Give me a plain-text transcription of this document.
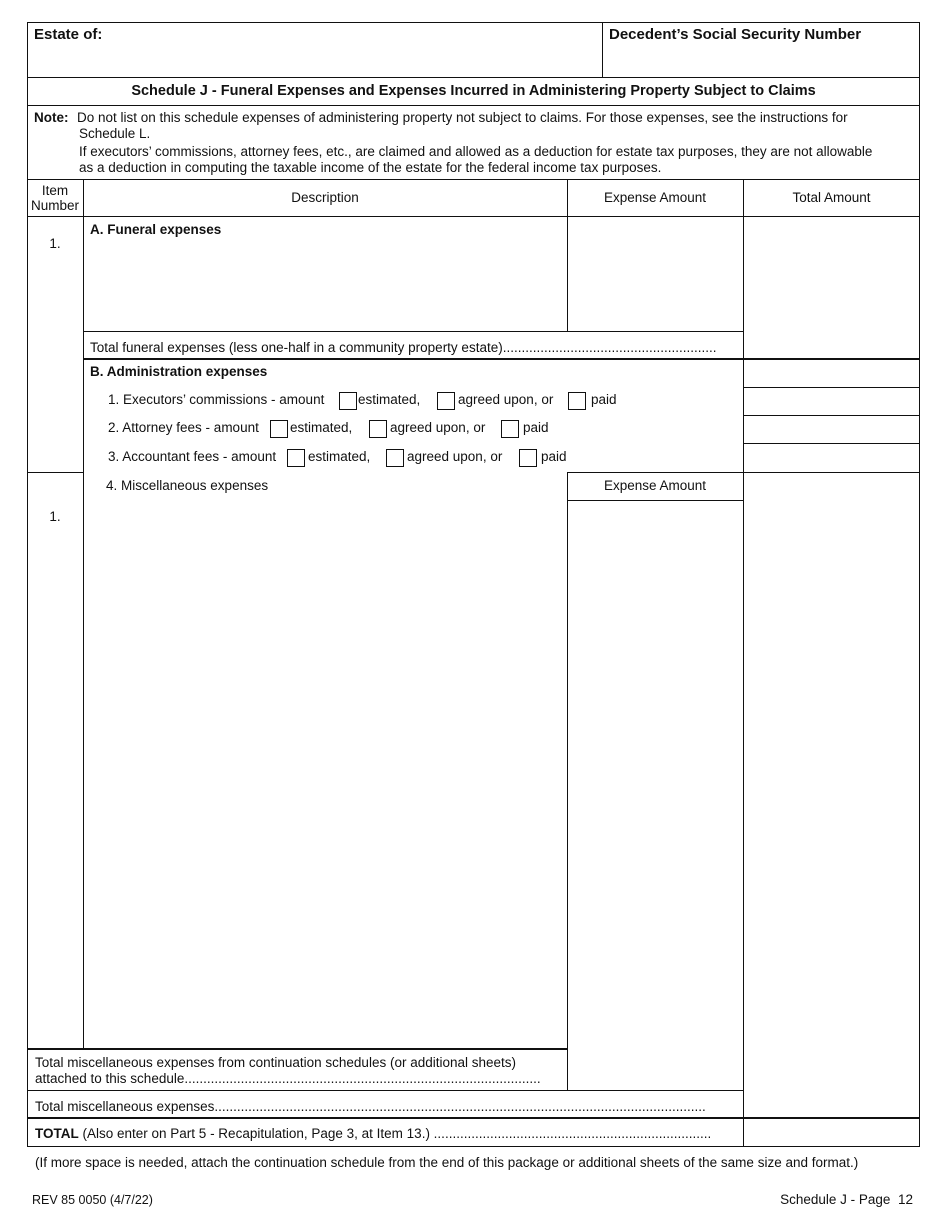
Estate of:	Decedent’s Social Security Number
Schedule J - Funeral Expenses and Expenses Incurred in Administering Property Subject to Claims
Note: Do not list on this schedule expenses of administering property not subject to claims. For those expenses, see the instructions for
Schedule L.
If executors’ commissions, attorney fees, etc., are claimed and allowed as a deduction for estate tax purposes, they are not allowable
as a deduction in computing the taxable income of the estate for the federal income tax purposes.
Item
Number
Description	Expense Amount	Total Amount
1.
A. Funeral expenses
Total funeral expenses (less one-half in a community property estate).........................................................
B. Administration expenses
1. Executors’ commissions - amount estimated,	agreed upon, or	paid
2. Attorney fees - amount estimated,	agreed upon, or	paid
3. Accountant fees - amount estimated,	agreed upon, or	paid
4. Miscellaneous expenses	Expense Amount
1.
Total miscellaneous expenses from continuation schedules (or additional sheets)
attached to this schedule...............................................................................................
Total miscellaneous expenses...................................................................................................................................
TOTAL (Also enter on Part 5 - Recapitulation, Page 3, at Item 13.) ..........................................................................
(If more space is needed, attach the continuation schedule from the end of this package or additional sheets of the same size and format.)
REV 85 0050 (4/7/22)	Schedule J - Page 12
